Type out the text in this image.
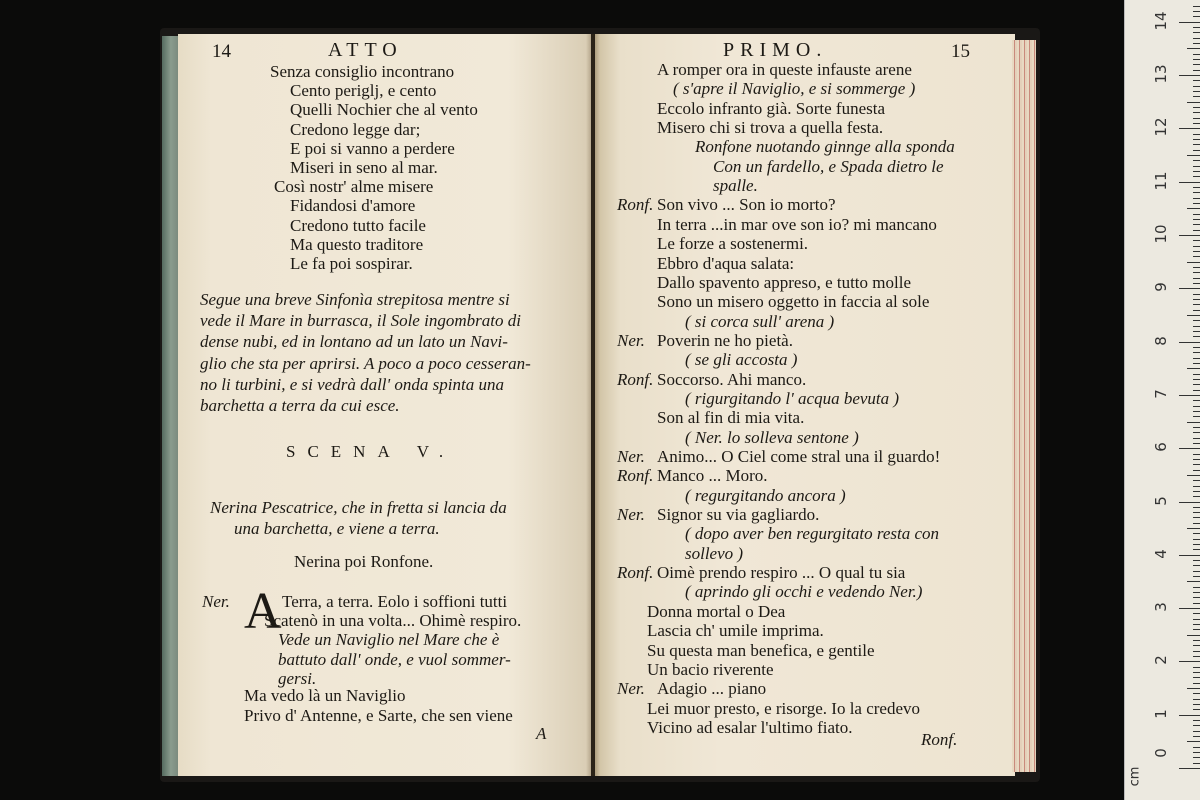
0
1
2
3
4
5
6
7
8
9
10
11
12
13
14
cm
14	ATTO
Senza consiglio incontrano
Cento periglj, e cento
Quelli Nochier che al vento
Credono legge dar;
E poi si vanno a perdere
Miseri in seno al mar.
Così nostr' alme misere
Fidandosi d'amore
Credono tutto facile
Ma questo traditore
Le fa poi sospirar.
Segue una breve Sinfonìa strepitosa mentre si
vede il Mare in burrasca, il Sole ingombrato di
dense nubi, ed in lontano ad un lato un Navi-
glio che sta per aprirsi. A poco a poco cesseran-
no li turbini, e si vedrà dall' onda spinta una
barchetta a terra da cui esce.
SCENA V.
Nerina Pescatrice, che in fretta si lancia da
una barchetta, e viene a terra.
Nerina poi Ronfone.
Ner. A Terra, a terra. Eolo i soffioni tutti
Scatenò in una volta... Ohimè respiro.
Vede un Naviglio nel Mare che è
battuto dall' onde, e vuol sommer-
gersi.
Ma vedo là un Naviglio
Privo d' Antenne, e Sarte, che sen viene
A
PRIMO.	15
A romper ora in queste infauste arene
( s'apre il Naviglio, e si sommerge )
Eccolo infranto già. Sorte funesta
Misero chi si trova a quella festa.
Ronfone nuotando ginnge alla sponda
Con un fardello, e Spada dietro le
spalle.
Ronf. Son vivo ... Son io morto?
In terra ...in mar ove son io? mi mancano
Le forze a sostenermi.
Ebbro d'aqua salata:
Dallo spavento appreso, e tutto molle
Sono un misero oggetto in faccia al sole
( si corca sull' arena )
Ner. Poverin ne ho pietà.
( se gli accosta )
Ronf. Soccorso. Ahi manco.
( rigurgitando l' acqua bevuta )
Son al fin di mia vita.
( Ner. lo solleva sentone )
Ner. Animo... O Ciel come stral una il guardo!
Ronf. Manco ... Moro.
( regurgitando ancora )
Ner. Signor su via gagliardo.
( dopo aver ben regurgitato resta con
sollevo )
Ronf. Oimè prendo respiro ... O qual tu sia
( aprindo gli occhi e vedendo Ner.)
Donna mortal o Dea
Lascia ch' umile imprima.
Su questa man benefica, e gentile
Un bacio riverente
Ner. Adagio ... piano
Lei muor presto, e risorge. Io la credevo
Vicino ad esalar l'ultimo fiato.
Ronf.
